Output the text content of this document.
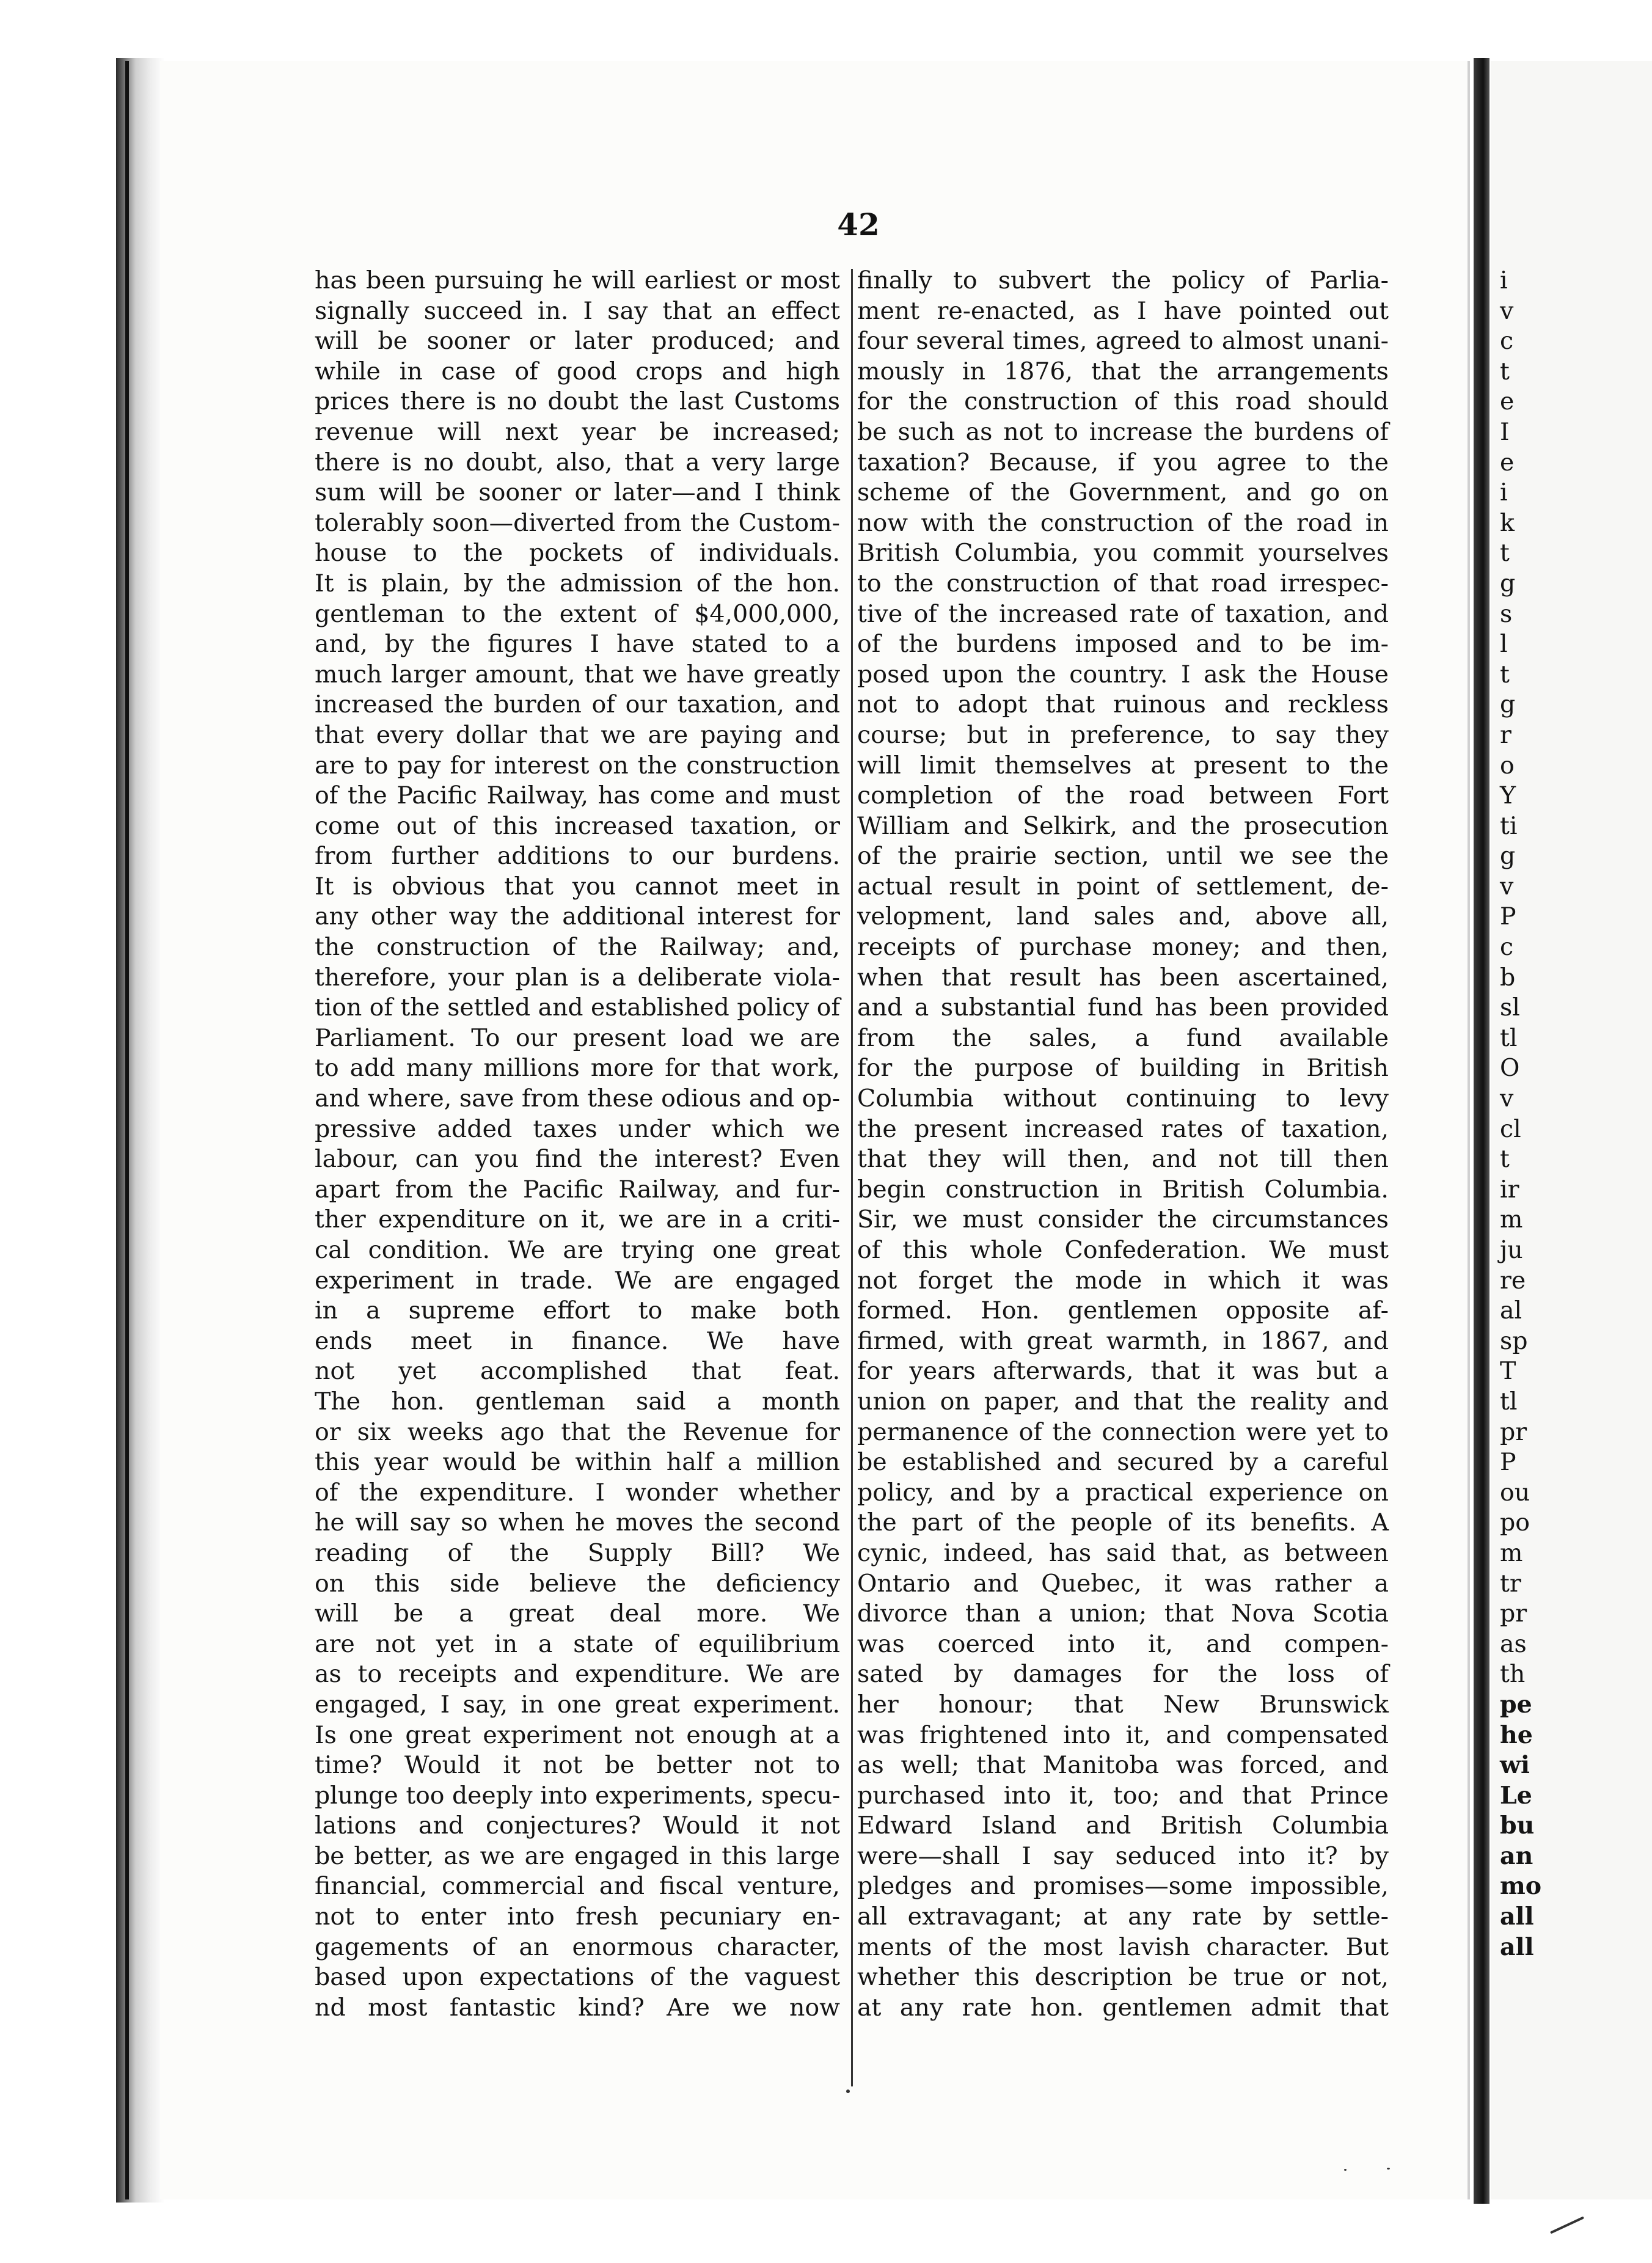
42
has been pursuing he will earliest or most
signally succeed in. I say that an effect
will be sooner or later produced; and
while in case of good crops and high
prices there is no doubt the last Customs
revenue will next year be increased;
there is no doubt, also, that a very large
sum will be sooner or later—and I think
tolerably soon—diverted from the Custom-
house to the pockets of individuals.
It is plain, by the admission of the hon.
gentleman to the extent of $4,000,000,
and, by the figures I have stated to a
much larger amount, that we have greatly
increased the burden of our taxation, and
that every dollar that we are paying and
are to pay for interest on the construction
of the Pacific Railway, has come and must
come out of this increased taxation, or
from further additions to our burdens.
It is obvious that you cannot meet in
any other way the additional interest for
the construction of the Railway; and,
therefore, your plan is a deliberate viola-
tion of the settled and established policy of
Parliament. To our present load we are
to add many millions more for that work,
and where, save from these odious and op-
pressive added taxes under which we
labour, can you find the interest? Even
apart from the Pacific Railway, and fur-
ther expenditure on it, we are in a criti-
cal condition. We are trying one great
experiment in trade. We are engaged
in a supreme effort to make both
ends meet in finance. We have
not yet accomplished that feat.
The hon. gentleman said a month
or six weeks ago that the Revenue for
this year would be within half a million
of the expenditure. I wonder whether
he will say so when he moves the second
reading of the Supply Bill? We
on this side believe the deficiency
will be a great deal more. We
are not yet in a state of equilibrium
as to receipts and expenditure. We are
engaged, I say, in one great experiment.
Is one great experiment not enough at a
time? Would it not be better not to
plunge too deeply into experiments, specu-
lations and conjectures? Would it not
be better, as we are engaged in this large
financial, commercial and fiscal venture,
not to enter into fresh pecuniary en-
gagements of an enormous character,
based upon expectations of the vaguest
nd most fantastic kind? Are we now
finally to subvert the policy of Parlia-
ment re-enacted, as I have pointed out
four several times, agreed to almost unani-
mously in 1876, that the arrangements
for the construction of this road should
be such as not to increase the burdens of
taxation? Because, if you agree to the
scheme of the Government, and go on
now with the construction of the road in
British Columbia, you commit yourselves
to the construction of that road irrespec-
tive of the increased rate of taxation, and
of the burdens imposed and to be im-
posed upon the country. I ask the House
not to adopt that ruinous and reckless
course; but in preference, to say they
will limit themselves at present to the
completion of the road between Fort
William and Selkirk, and the prosecution
of the prairie section, until we see the
actual result in point of settlement, de-
velopment, land sales and, above all,
receipts of purchase money; and then,
when that result has been ascertained,
and a substantial fund has been provided
from the sales, a fund available
for the purpose of building in British
Columbia without continuing to levy
the present increased rates of taxation,
that they will then, and not till then
begin construction in British Columbia.
Sir, we must consider the circumstances
of this whole Confederation. We must
not forget the mode in which it was
formed. Hon. gentlemen opposite af-
firmed, with great warmth, in 1867, and
for years afterwards, that it was but a
union on paper, and that the reality and
permanence of the connection were yet to
be established and secured by a careful
policy, and by a practical experience on
the part of the people of its benefits. A
cynic, indeed, has said that, as between
Ontario and Quebec, it was rather a
divorce than a union; that Nova Scotia
was coerced into it, and compen-
sated by damages for the loss of
her honour; that New Brunswick
was frightened into it, and compensated
as well; that Manitoba was forced, and
purchased into it, too; and that Prince
Edward Island and British Columbia
were—shall I say seduced into it? by
pledges and promises—some impossible,
all extravagant; at any rate by settle-
ments of the most lavish character. But
whether this description be true or not,
at any rate hon. gentlemen admit that
i
v
c
t
e
I
e
i
k
t
g
s
l
t
g
r
o
Y
ti
g
v
P
c
b
sl
tl
O
v
cl
t
ir
m
ju
re
al
sp
T
tl
pr
P
ou
po
m
tr
pr
as
th
pe
he
wi
Le
bu
an
mo
all
all
